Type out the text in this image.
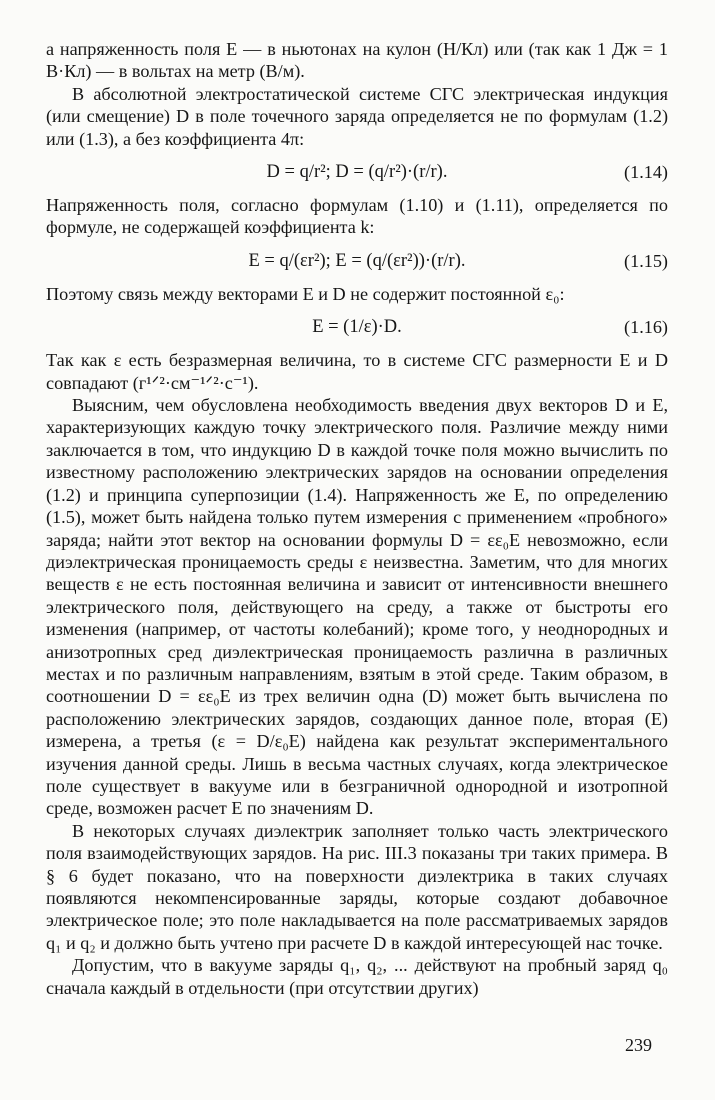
а напряженность поля E — в ньютонах на кулон (Н/Кл) или (так как 1 Дж = 1 В·Кл) — в вольтах на метр (В/м).

В абсолютной электростатической системе СГС электрическая индукция (или смещение) D в поле точечного заряда определяется не по формулам (1.2) или (1.3), а без коэффициента 4π:

D = q/r²; D = (q/r²)·(r/r).	(1.14)

Напряженность поля, согласно формулам (1.10) и (1.11), определяется по формуле, не содержащей коэффициента k:

E = q/(εr²); E = (q/(εr²))·(r/r).	(1.15)

Поэтому связь между векторами E и D не содержит постоянной ε₀:

E = (1/ε)·D.	(1.16)

Так как ε есть безразмерная величина, то в системе СГС размерности E и D совпадают (г¹ᐟ²·см⁻¹ᐟ²·с⁻¹).

Выясним, чем обусловлена необходимость введения двух векторов D и E, характеризующих каждую точку электрического поля. Различие между ними заключается в том, что индукцию D в каждой точке поля можно вычислить по известному расположению электрических зарядов на основании определения (1.2) и принципа суперпозиции (1.4). Напряженность же E, по определению (1.5), может быть найдена только путем измерения с применением «пробного» заряда; найти этот вектор на основании формулы D = εε₀E невозможно, если диэлектрическая проницаемость среды ε неизвестна. Заметим, что для многих веществ ε не есть постоянная величина и зависит от интенсивности внешнего электрического поля, действующего на среду, а также от быстроты его изменения (например, от частоты колебаний); кроме того, у неоднородных и анизотропных сред диэлектрическая проницаемость различна в различных местах и по различным направлениям, взятым в этой среде. Таким образом, в соотношении D = εε₀E из трех величин одна (D) может быть вычислена по расположению электрических зарядов, создающих данное поле, вторая (E) измерена, а третья (ε = D/ε₀E) найдена как результат экспериментального изучения данной среды. Лишь в весьма частных случаях, когда электрическое поле существует в вакууме или в безграничной однородной и изотропной среде, возможен расчет E по значениям D.

В некоторых случаях диэлектрик заполняет только часть электрического поля взаимодействующих зарядов. На рис. III.3 показаны три таких примера. В § 6 будет показано, что на поверхности диэлектрика в таких случаях появляются некомпенсированные заряды, которые создают добавочное электрическое поле; это поле накладывается на поле рассматриваемых зарядов q₁ и q₂ и должно быть учтено при расчете D в каждой интересующей нас точке.

Допустим, что в вакууме заряды q₁, q₂, ... действуют на пробный заряд q₀ сначала каждый в отдельности (при отсутствии других)

239
